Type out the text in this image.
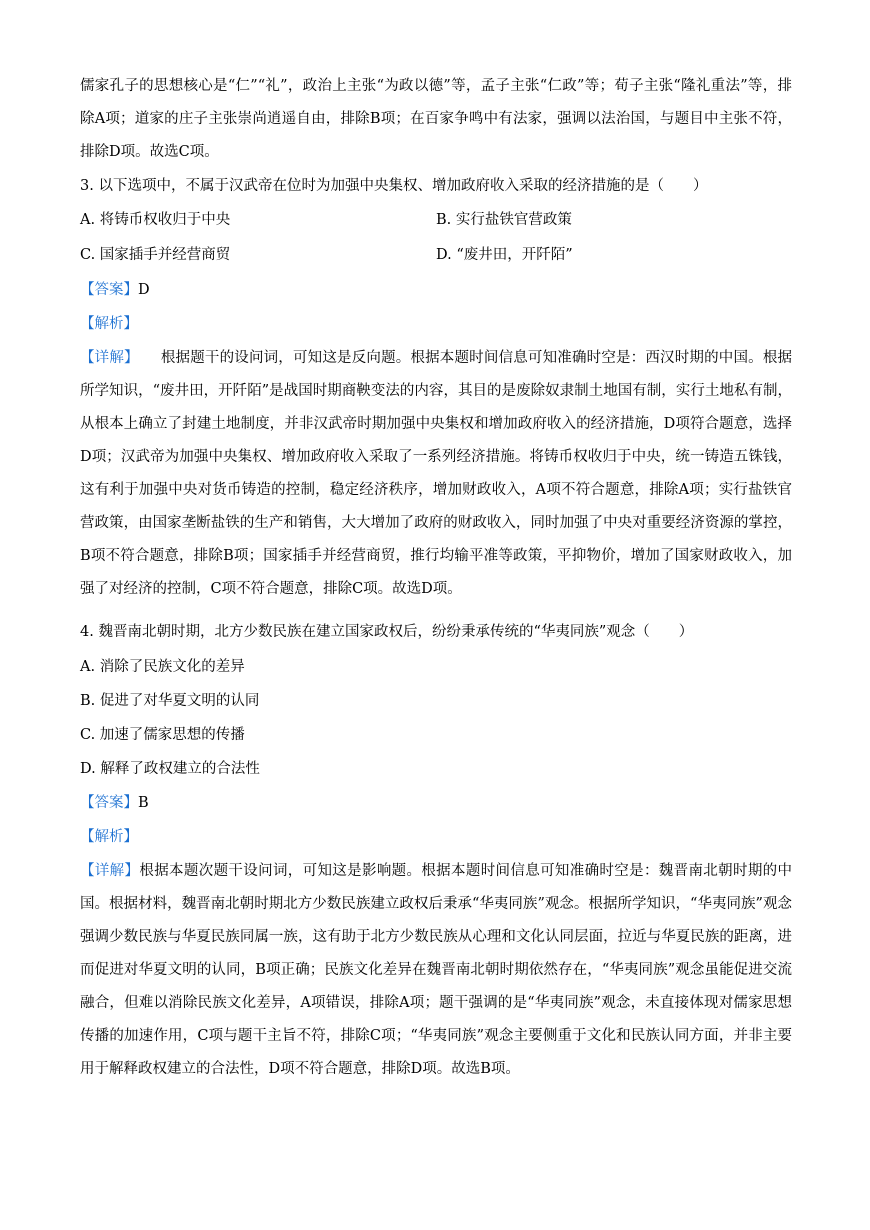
儒家孔子的思想核心是“仁”“礼”，政治上主张“为政以德”等，孟子主张“仁政”等；荀子主张“隆礼重法”等，排除A项；道家的庄子主张崇尚逍遥自由，排除B项；在百家争鸣中有法家，强调以法治国，与题目中主张不符，排除D项。故选C项。
3. 以下选项中，不属于汉武帝在位时为加强中央集权、增加政府收入采取的经济措施的是（　　）
A. 将铸币权收归于中央	B. 实行盐铁官营政策
C. 国家插手并经营商贸	D. “废井田，开阡陌”
【答案】D
【解析】
【详解】　　根据题干的设问词，可知这是反向题。根据本题时间信息可知准确时空是：西汉时期的中国。根据所学知识，“废井田，开阡陌”是战国时期商鞅变法的内容，其目的是废除奴隶制土地国有制，实行土地私有制，从根本上确立了封建土地制度，并非汉武帝时期加强中央集权和增加政府收入的经济措施，D项符合题意，选择D项；汉武帝为加强中央集权、增加政府收入采取了一系列经济措施。将铸币权收归于中央，统一铸造五铢钱，这有利于加强中央对货币铸造的控制，稳定经济秩序，增加财政收入，A项不符合题意，排除A项；实行盐铁官营政策，由国家垄断盐铁的生产和销售，大大增加了政府的财政收入，同时加强了中央对重要经济资源的掌控，B项不符合题意，排除B项；国家插手并经营商贸，推行均输平准等政策，平抑物价，增加了国家财政收入，加强了对经济的控制，C项不符合题意，排除C项。故选D项。
4. 魏晋南北朝时期，北方少数民族在建立国家政权后，纷纷秉承传统的“华夷同族”观念（　　）
A. 消除了民族文化的差异
B. 促进了对华夏文明的认同
C. 加速了儒家思想的传播
D. 解释了政权建立的合法性
【答案】B
【解析】
【详解】根据本题次题干设问词，可知这是影响题。根据本题时间信息可知准确时空是：魏晋南北朝时期的中国。根据材料，魏晋南北朝时期北方少数民族建立政权后秉承“华夷同族”观念。根据所学知识，“华夷同族”观念强调少数民族与华夏民族同属一族，这有助于北方少数民族从心理和文化认同层面，拉近与华夏民族的距离，进而促进对华夏文明的认同，B项正确；民族文化差异在魏晋南北朝时期依然存在，“华夷同族”观念虽能促进交流融合，但难以消除民族文化差异，A项错误，排除A项；题干强调的是“华夷同族”观念，未直接体现对儒家思想传播的加速作用，C项与题干主旨不符，排除C项；“华夷同族”观念主要侧重于文化和民族认同方面，并非主要用于解释政权建立的合法性，D项不符合题意，排除D项。故选B项。
